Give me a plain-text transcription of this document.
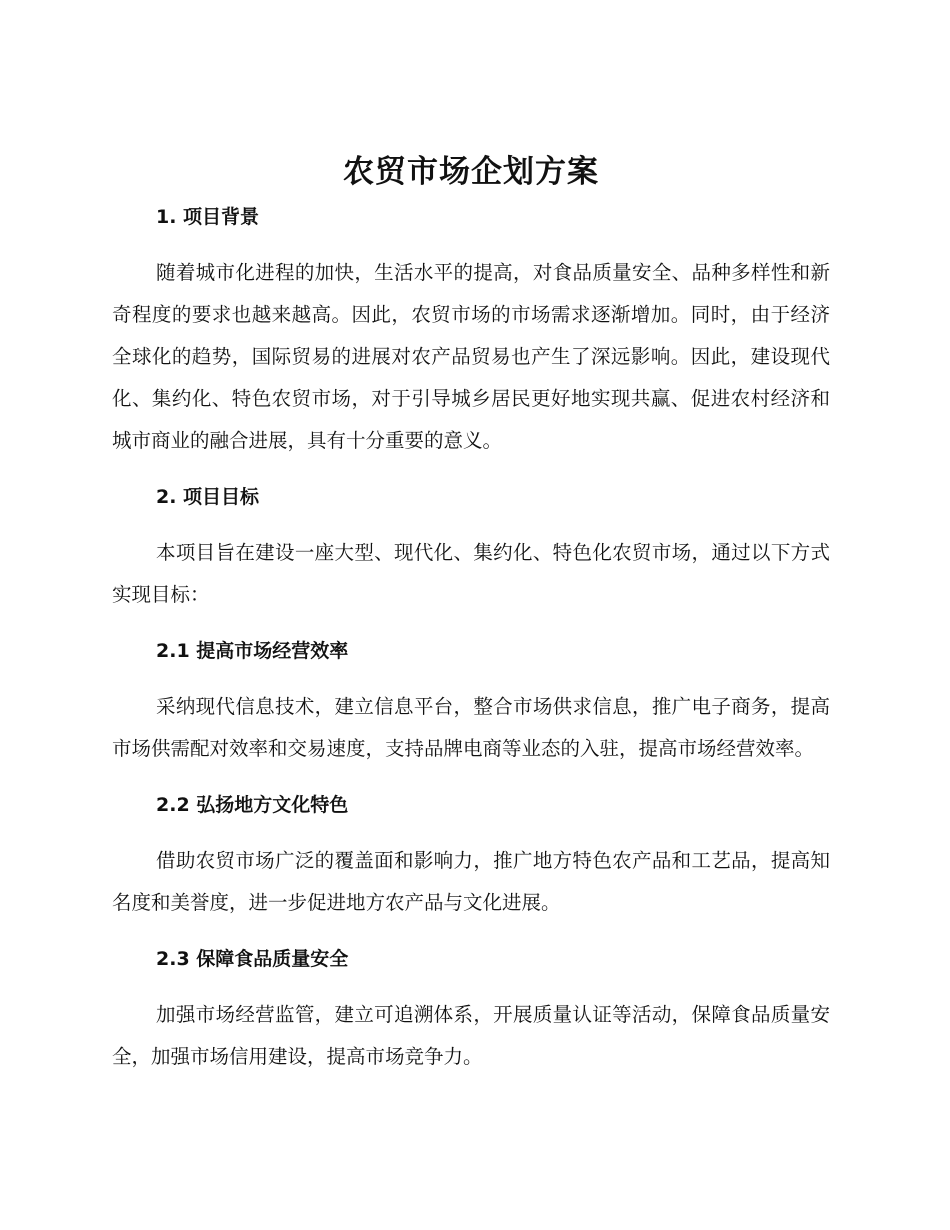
农贸市场企划方案
1. 项目背景

随着城市化进程的加快，生活水平的提高，对食品质量安全、品种多样性和新奇程度的要求也越来越高。因此，农贸市场的市场需求逐渐增加。同时，由于经济全球化的趋势，国际贸易的进展对农产品贸易也产生了深远影响。因此，建设现代化、集约化、特色农贸市场，对于引导城乡居民更好地实现共赢、促进农村经济和城市商业的融合进展，具有十分重要的意义。

2. 项目目标

本项目旨在建设一座大型、现代化、集约化、特色化农贸市场，通过以下方式实现目标：

2.1 提高市场经营效率

采纳现代信息技术，建立信息平台，整合市场供求信息，推广电子商务，提高市场供需配对效率和交易速度，支持品牌电商等业态的入驻，提高市场经营效率。

2.2 弘扬地方文化特色

借助农贸市场广泛的覆盖面和影响力，推广地方特色农产品和工艺品，提高知名度和美誉度，进一步促进地方农产品与文化进展。

2.3 保障食品质量安全

加强市场经营监管，建立可追溯体系，开展质量认证等活动，保障食品质量安全，加强市场信用建设，提高市场竞争力。
